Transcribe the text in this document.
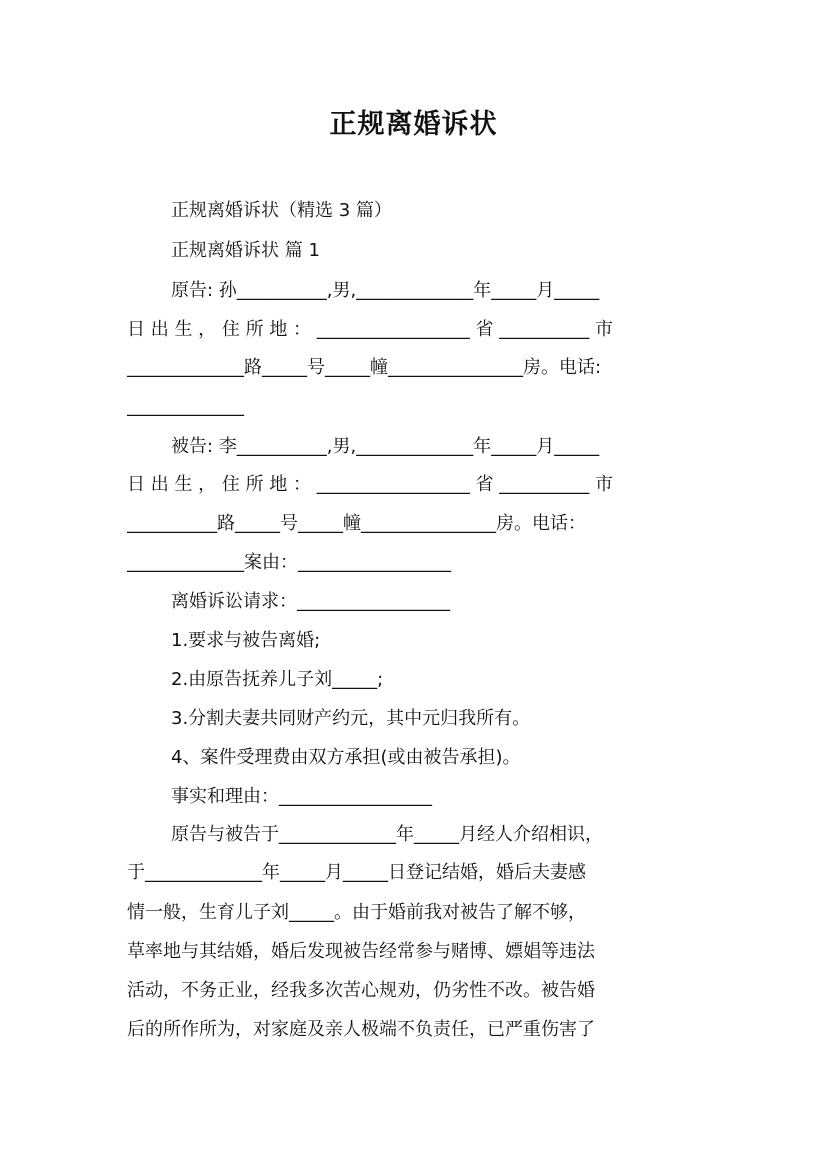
正规离婚诉状
正规离婚诉状（精选 3 篇）
正规离婚诉状 篇 1
原告: 孙__________,男,_____________年_____月_____
日 出 生 ， 住 所 地 ： _________________ 省 __________ 市
_____________路_____号_____幢_______________房。电话:
_____________
被告: 李__________,男,_____________年_____月_____
日 出 生 ， 住 所 地 ： _________________ 省 __________ 市
__________路_____号_____幢_______________房。电话：
_____________案由：_________________
离婚诉讼请求：_________________
1.要求与被告离婚;
2.由原告抚养儿子刘_____;
3.分割夫妻共同财产约元，其中元归我所有。
4、案件受理费由双方承担(或由被告承担)。
事实和理由：_________________
原告与被告于_____________年_____月经人介绍相识，
于_____________年_____月_____日登记结婚，婚后夫妻感
情一般，生育儿子刘_____。由于婚前我对被告了解不够，
草率地与其结婚，婚后发现被告经常参与赌博、嫖娼等违法
活动，不务正业，经我多次苦心规劝，仍劣性不改。被告婚
后的所作所为，对家庭及亲人极端不负责任，已严重伤害了
